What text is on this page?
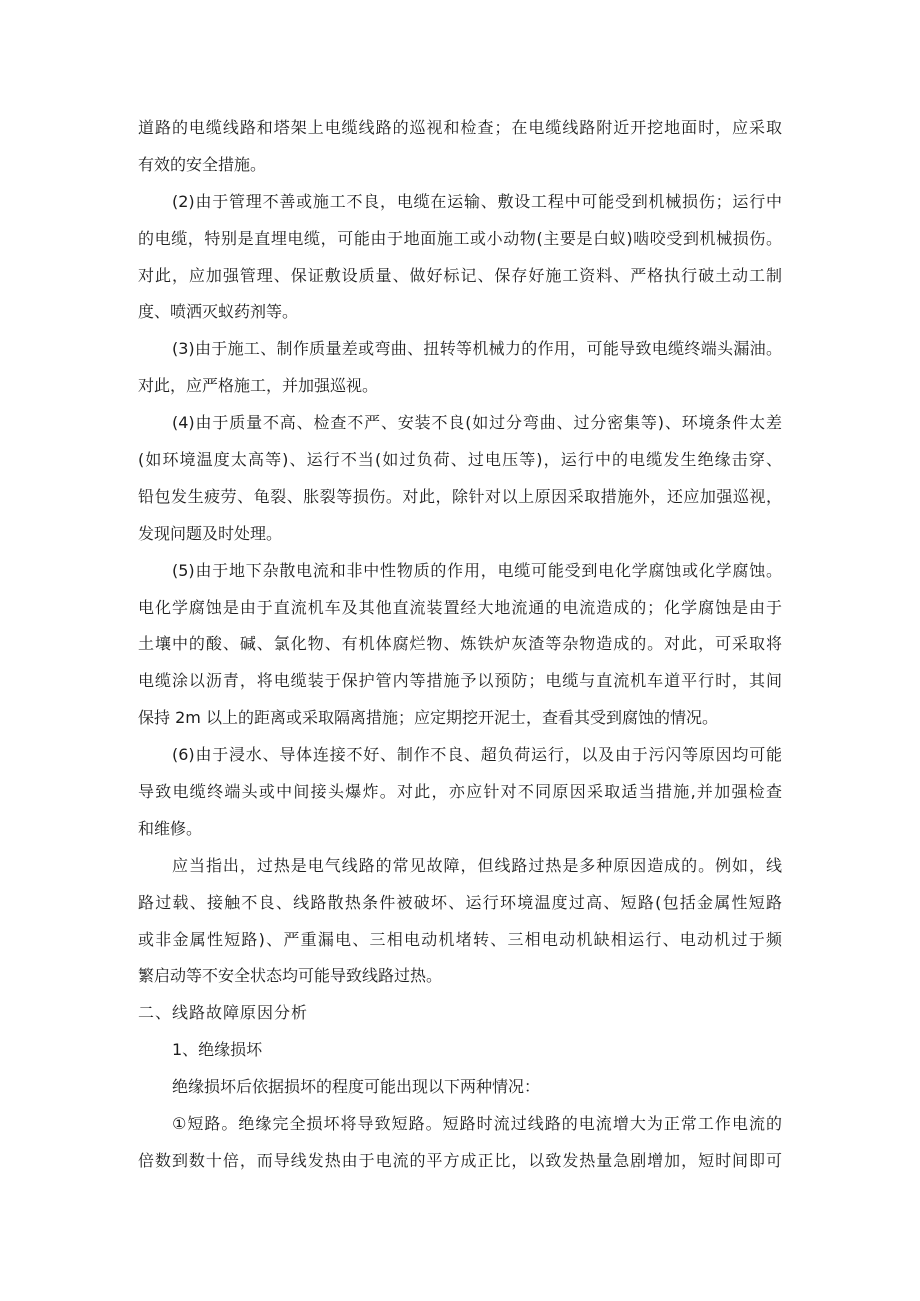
道路的电缆线路和塔架上电缆线路的巡视和检查；在电缆线路附近开挖地面时，应采取
有效的安全措施。
(2)由于管理不善或施工不良，电缆在运输、敷设工程中可能受到机械损伤；运行中
的电缆，特别是直埋电缆，可能由于地面施工或小动物(主要是白蚁)啮咬受到机械损伤。
对此，应加强管理、保证敷设质量、做好标记、保存好施工资料、严格执行破土动工制
度、喷洒灭蚁药剂等。
(3)由于施工、制作质量差或弯曲、扭转等机械力的作用，可能导致电缆终端头漏油。
对此，应严格施工，并加强巡视。
(4)由于质量不高、检查不严、安装不良(如过分弯曲、过分密集等)、环境条件太差
(如环境温度太高等)、运行不当(如过负荷、过电压等)，运行中的电缆发生绝缘击穿、
铅包发生疲劳、龟裂、胀裂等损伤。对此，除针对以上原因采取措施外，还应加强巡视，
发现问题及时处理。
(5)由于地下杂散电流和非中性物质的作用，电缆可能受到电化学腐蚀或化学腐蚀。
电化学腐蚀是由于直流机车及其他直流装置经大地流通的电流造成的；化学腐蚀是由于
土壤中的酸、碱、氯化物、有机体腐烂物、炼铁炉灰渣等杂物造成的。对此，可采取将
电缆涂以沥青，将电缆装于保护管内等措施予以预防；电缆与直流机车道平行时，其间
保持 2m 以上的距离或采取隔离措施；应定期挖开泥士，查看其受到腐蚀的情况。
(6)由于浸水、导体连接不好、制作不良、超负荷运行，以及由于污闪等原因均可能
导致电缆终端头或中间接头爆炸。对此，亦应针对不同原因采取适当措施,并加强检查
和维修。
应当指出，过热是电气线路的常见故障，但线路过热是多种原因造成的。例如，线
路过载、接触不良、线路散热条件被破坏、运行环境温度过高、短路(包括金属性短路
或非金属性短路)、严重漏电、三相电动机堵转、三相电动机缺相运行、电动机过于频
繁启动等不安全状态均可能导致线路过热。
二、线路故障原因分析
1、绝缘损坏
绝缘损坏后依据损坏的程度可能出现以下两种情况：
①短路。绝缘完全损坏将导致短路。短路时流过线路的电流增大为正常工作电流的
倍数到数十倍，而导线发热由于电流的平方成正比，以致发热量急剧增加，短时间即可
